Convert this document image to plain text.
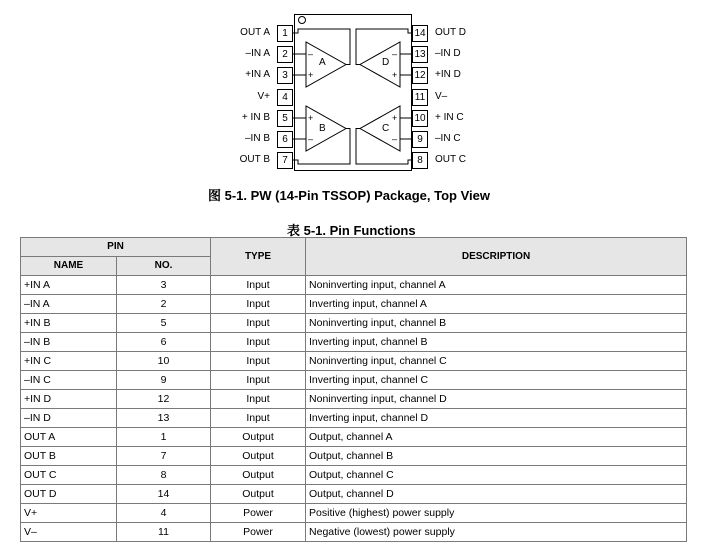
–
+
+
–
–
+
+
–
OUT A	1
–IN A	2
+IN A	3
V+	4
+ IN B	5
–IN B	6
OUT B	7
OUT D
14
–IN D
13
+IN D
12
V–
11
+ IN C
10
–IN C
9
OUT C
8
A
B	C
D
图 5-1. PW (14-Pin TSSOP) Package, Top View
表 5-1. Pin Functions
PIN		TYPE	DESCRIPTION
NAME	NO.		
+IN A	3	Input	Noninverting input, channel A
–IN A	2	Input	Inverting input, channel A
+IN B	5	Input	Noninverting input, channel B
–IN B	6	Input	Inverting input, channel B
+IN C	10	Input	Noninverting input, channel C
–IN C	9	Input	Inverting input, channel C
+IN D	12	Input	Noninverting input, channel D
–IN D	13	Input	Inverting input, channel D
OUT A	1	Output	Output, channel A
OUT B	7	Output	Output, channel B
OUT C	8	Output	Output, channel C
OUT D	14	Output	Output, channel D
V+	4	Power	Positive (highest) power supply
V–	11	Power	Negative (lowest) power supply
